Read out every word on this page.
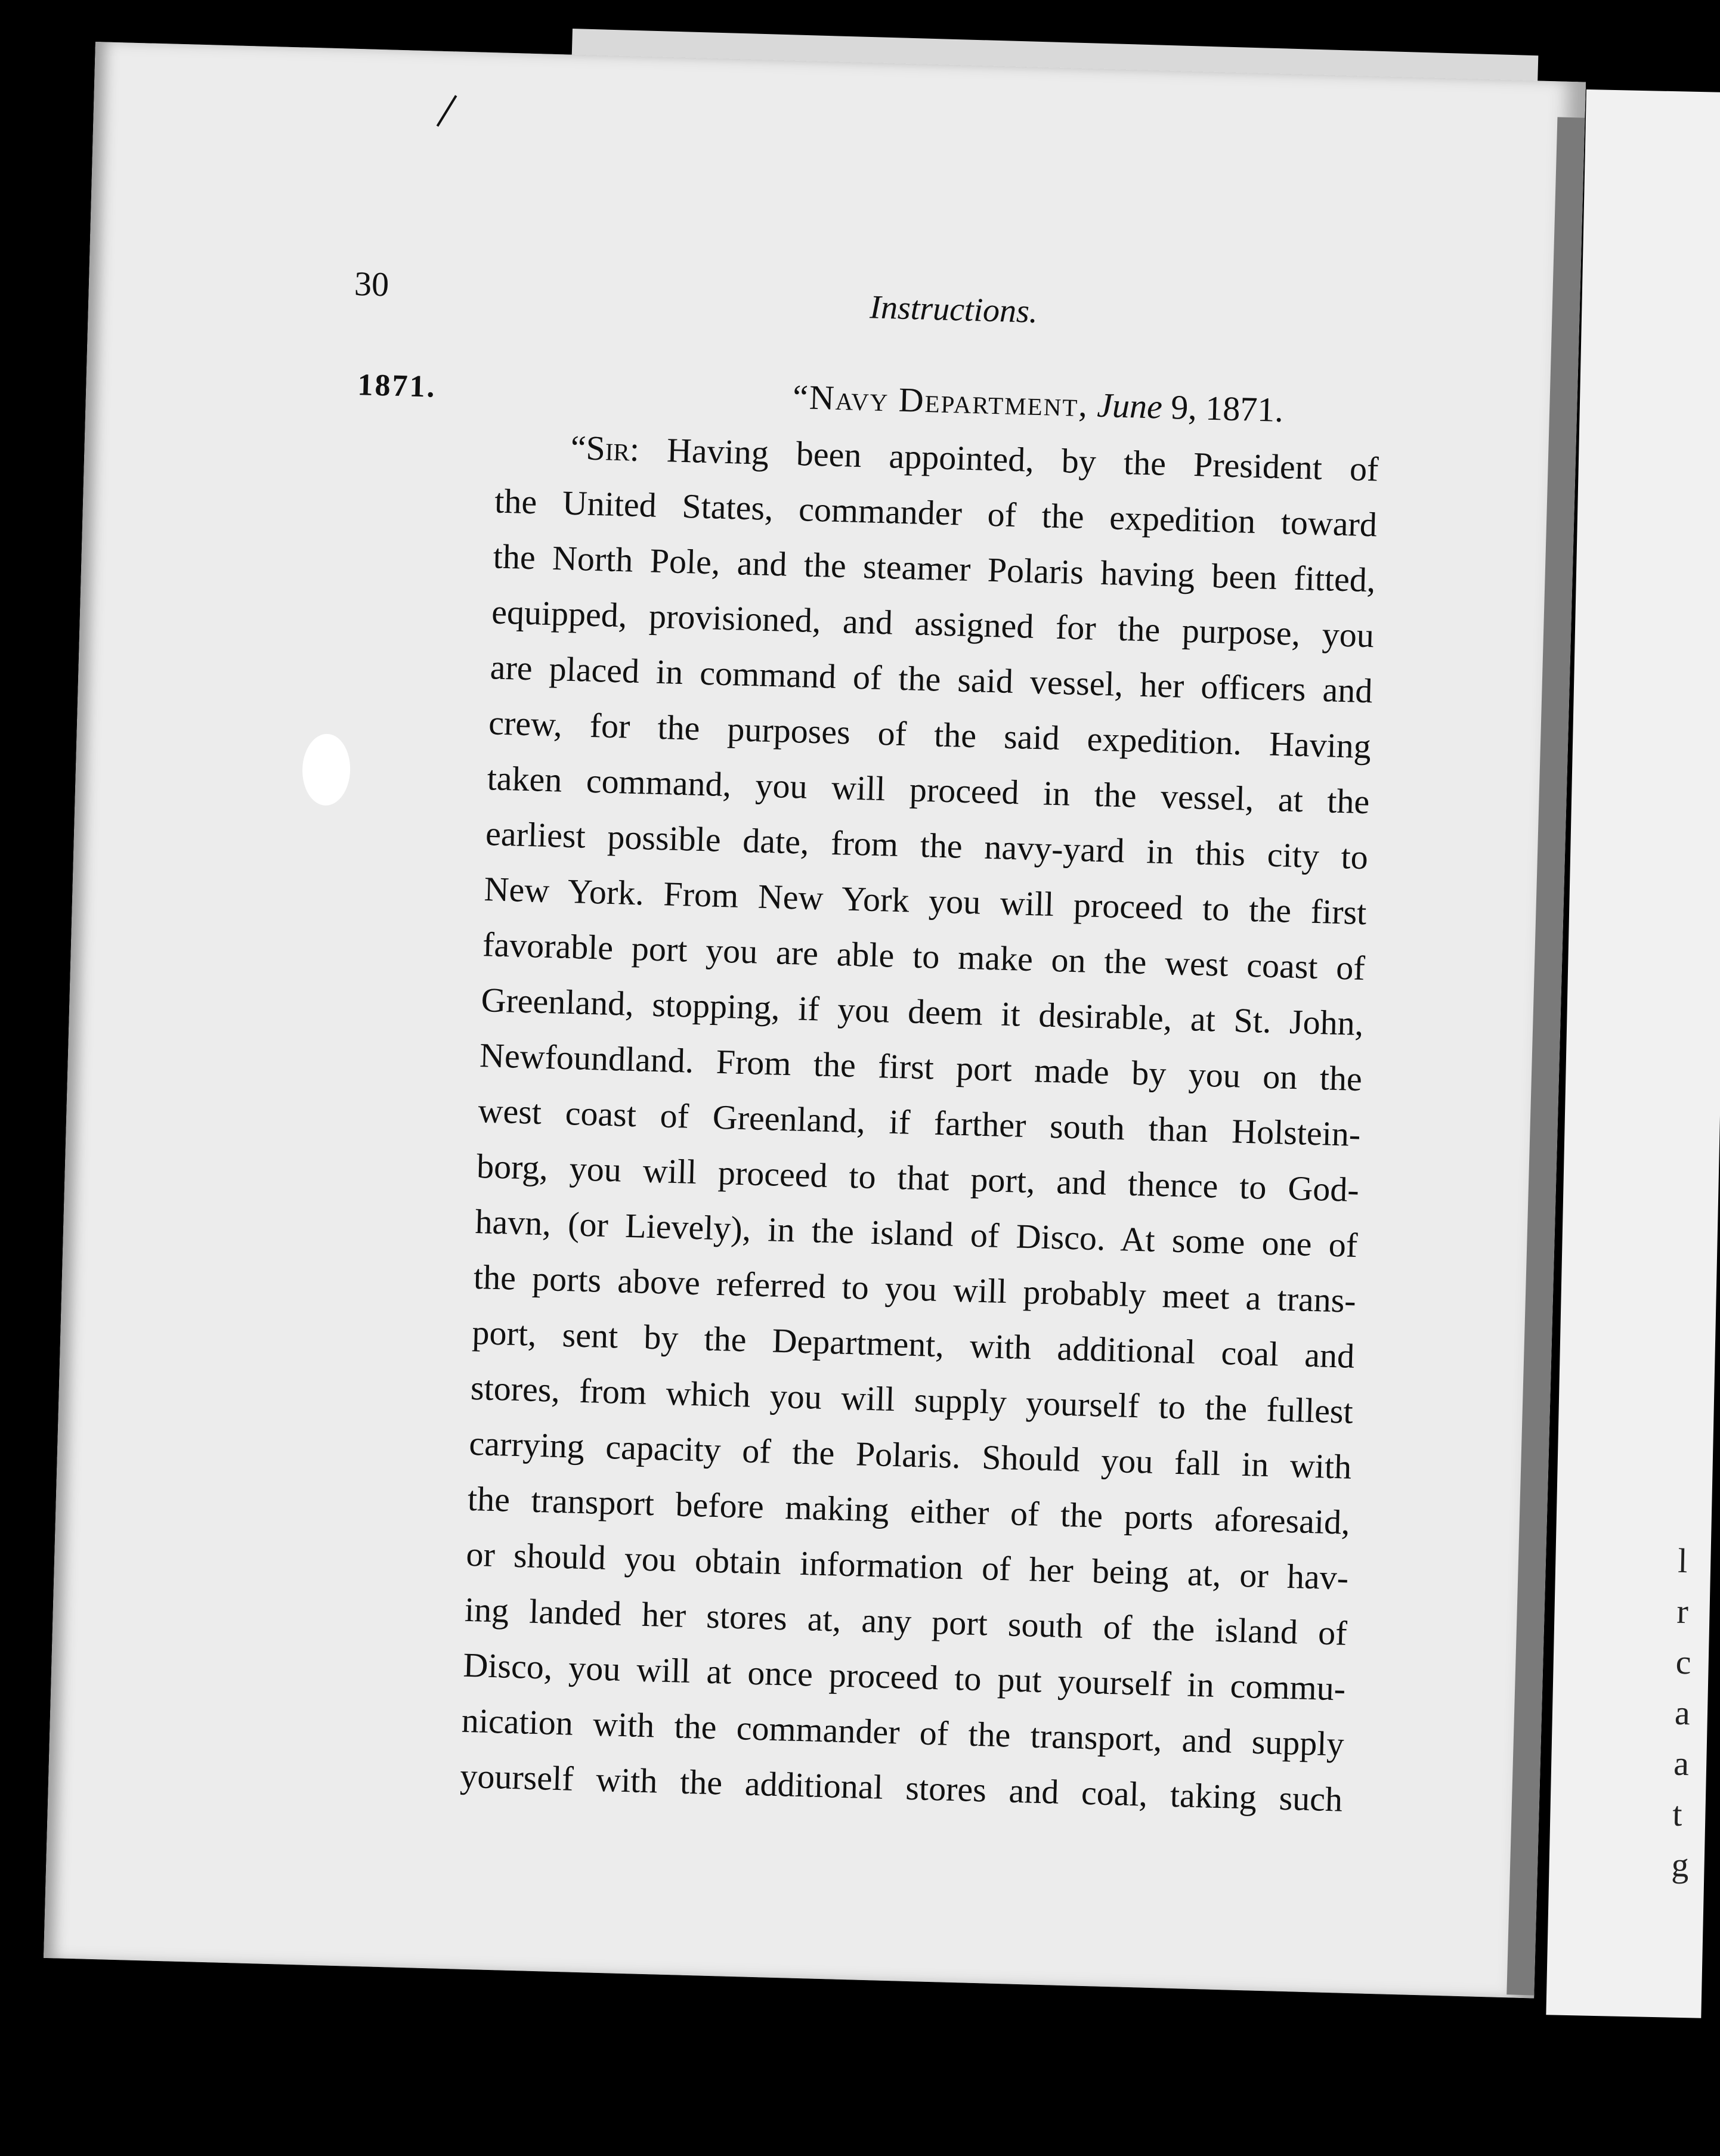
l
r
c
a
a
t
g
30
Instructions.
1871.	“Navy Department, June 9, 1871.
“Sir: Having been appointed, by the President of
the United States, commander of the expedition toward
the North Pole, and the steamer Polaris having been fitted,
equipped, provisioned, and assigned for the purpose, you
are placed in command of the said vessel, her officers and
crew, for the purposes of the said expedition. Having
taken command, you will proceed in the vessel, at the
earliest possible date, from the navy-yard in this city to
New York. From New York you will proceed to the first
favorable port you are able to make on the west coast of
Greenland, stopping, if you deem it desirable, at St. John,
Newfoundland. From the first port made by you on the
west coast of Greenland, if farther south than Holstein-
borg, you will proceed to that port, and thence to God-
havn, (or Lievely), in the island of Disco. At some one of
the ports above referred to you will probably meet a trans-
port, sent by the Department, with additional coal and
stores, from which you will supply yourself to the fullest
carrying capacity of the Polaris. Should you fall in with
the transport before making either of the ports aforesaid,
or should you obtain information of her being at, or hav-
ing landed her stores at, any port south of the island of
Disco, you will at once proceed to put yourself in commu-
nication with the commander of the transport, and supply
yourself with the additional stores and coal, taking such
